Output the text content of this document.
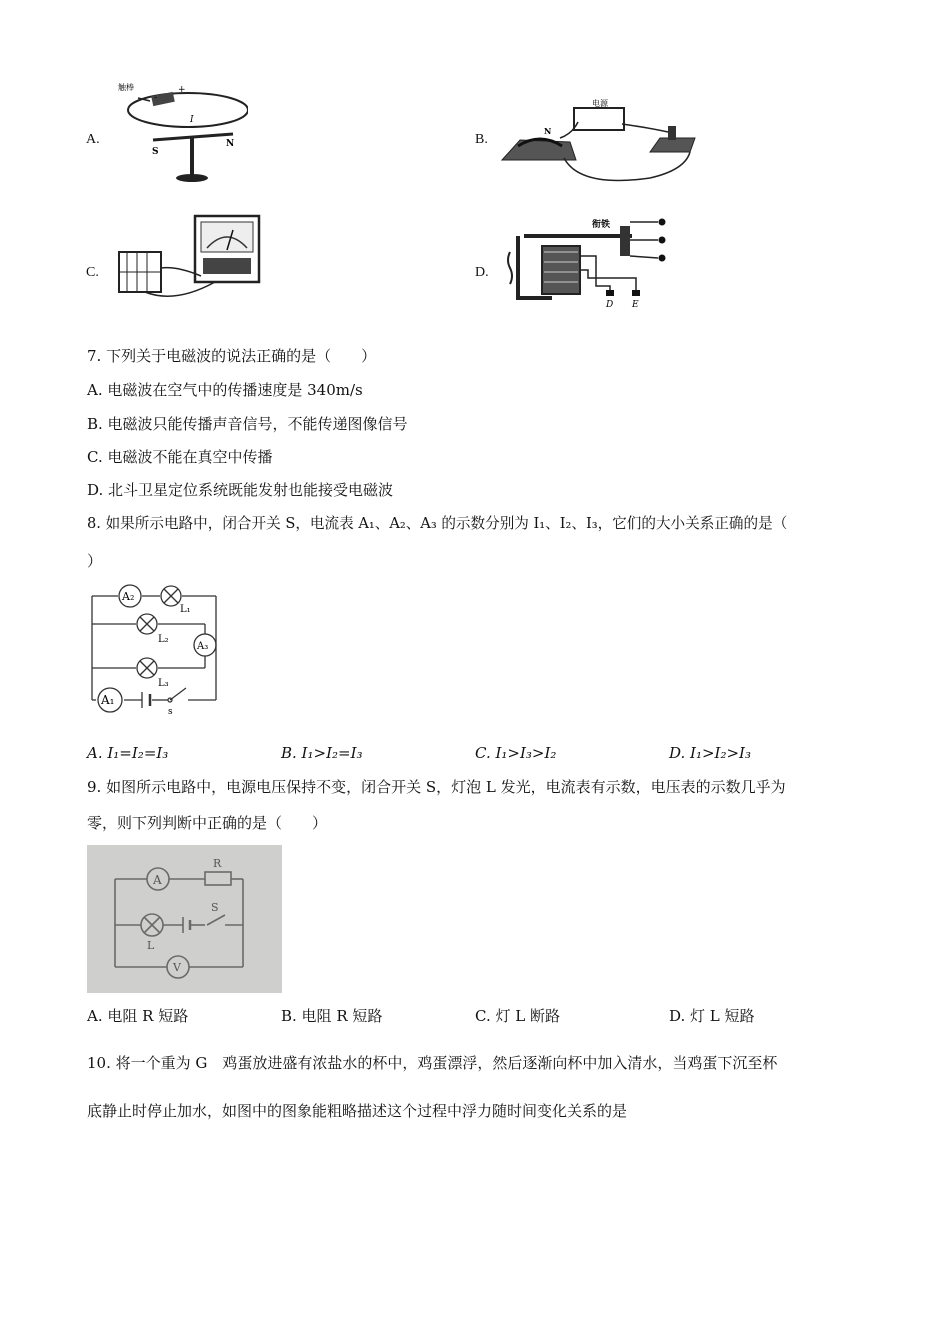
A.
触棒
-
+
I
S
N	B.
电源
N
C.	D.
衔铁
D E
7. 下列关于电磁波的说法正确的是（　　）
A. 电磁波在空气中的传播速度是 340m/s
B. 电磁波只能传播声音信号，不能传递图像信号
C. 电磁波不能在真空中传播
D. 北斗卫星定位系统既能发射也能接受电磁波
8. 如果所示电路中，闭合开关 S，电流表 A₁、A₂、A₃ 的示数分别为 I₁、I₂、I₃，它们的大小关系正确的是（
）
A₂
L₁
L₂
A₃
L₃
A₁
s
A. I₁=I₂=I₃	B. I₁>I₂=I₃	C. I₁>I₃>I₂	D. I₁>I₂>I₃
9. 如图所示电路中，电源电压保持不变，闭合开关 S，灯泡 L 发光，电流表有示数，电压表的示数几乎为
零，则下列判断中正确的是（　　）
A
R
S
L
V
A. 电阻 R 短路	B. 电阻 R 短路	C. 灯 L 断路	D. 灯 L 短路
10. 将一个重为 G　鸡蛋放进盛有浓盐水的杯中，鸡蛋漂浮，然后逐渐向杯中加入清水，当鸡蛋下沉至杯
底静止时停止加水，如图中的图象能粗略描述这个过程中浮力随时间变化关系的是
